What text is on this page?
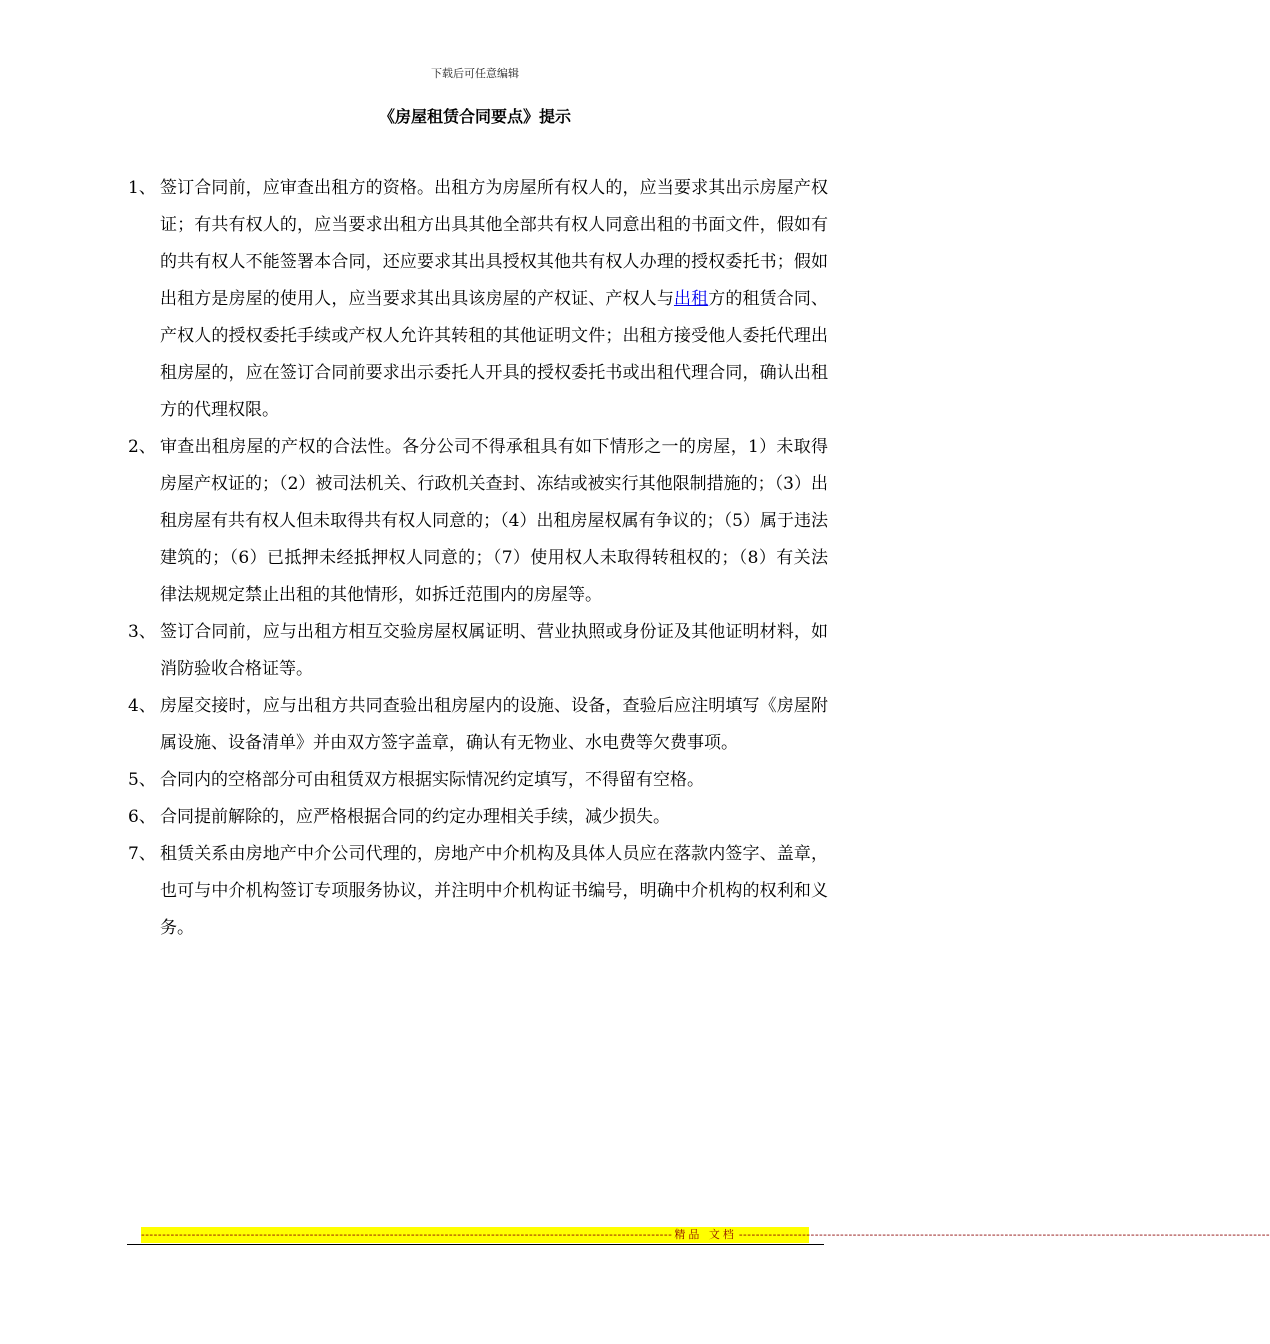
下载后可任意编辑
《房屋租赁合同要点》提示
1、 签订合同前，应审查出租方的资格。出租方为房屋所有权人的，应当要求其出示房屋产权证；有共有权人的，应当要求出租方出具其他全部共有权人同意出租的书面文件，假如有的共有权人不能签署本合同，还应要求其出具授权其他共有权人办理的授权委托书；假如出租方是房屋的使用人，应当要求其出具该房屋的产权证、产权人与出租方的租赁合同、产权人的授权委托手续或产权人允许其转租的其他证明文件；出租方接受他人委托代理出租房屋的，应在签订合同前要求出示委托人开具的授权委托书或出租代理合同，确认出租方的代理权限。
2、 审查出租房屋的产权的合法性。各分公司不得承租具有如下情形之一的房屋，1）未取得房屋产权证的；（2）被司法机关、行政机关查封、冻结或被实行其他限制措施的；（3）出租房屋有共有权人但未取得共有权人同意的；（4）出租房屋权属有争议的；（5）属于违法建筑的；（6）已抵押未经抵押权人同意的；（7）使用权人未取得转租权的；（8）有关法律法规规定禁止出租的其他情形，如拆迁范围内的房屋等。
3、 签订合同前，应与出租方相互交验房屋权属证明、营业执照或身份证及其他证明材料，如消防验收合格证等。
4、 房屋交接时，应与出租方共同查验出租房屋内的设施、设备，查验后应注明填写《房屋附属设施、设备清单》并由双方签字盖章，确认有无物业、水电费等欠费事项。
5、 合同内的空格部分可由租赁双方根据实际情况约定填写，不得留有空格。
6、 合同提前解除的，应严格根据合同的约定办理相关手续，减少损失。
7、 租赁关系由房地产中介公司代理的，房地产中介机构及具体人员应在落款内签字、盖章，也可与中介机构签订专项服务协议，并注明中介机构证书编号，明确中介机构的权利和义务。
------------------------------------------------------------------------------------------------------------------------------ 精品 文档 ------------------------------------------------------------------------------------------------------------------------------
